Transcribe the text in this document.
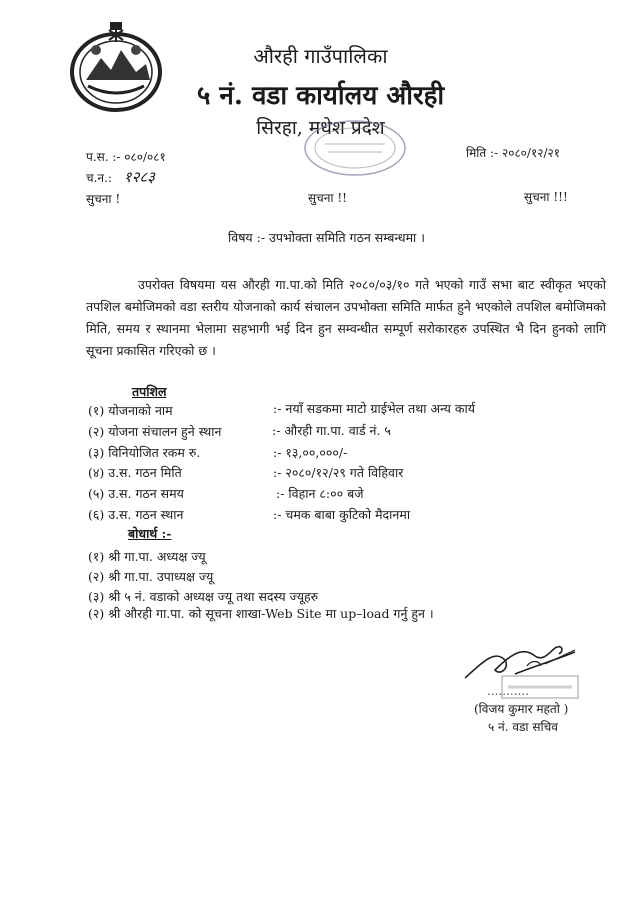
औरही गाउँपालिका
५ नं. वडा कार्यालय औरही
सिरहा, मधेश प्रदेश
प.स. :- ०८०/०८१	मिति :- २०८०/१२/२१
च.न.: १२८३
सुचना !	सुचना !!	सुचना !!!
विषय :- उपभोक्ता समिति गठन सम्बन्धमा ।
उपरोक्त विषयमा यस औरही गा.पा.को मिति २०८०/०३/१० गते भएको गाउँ सभा बाट स्वीकृत भएको तपशिल बमोजिमको वडा स्तरीय योजनाको कार्य संचालन उपभोक्ता समिति मार्फत हुने भएकोले तपशिल बमोजिमको मिति, समय र स्थानमा भेलामा सहभागी भई दिन हुन सम्वन्धीत सम्पूर्ण सरोकारहरु उपस्थित भै दिन हुनको लागि सूचना प्रकासित गरिएको छ ।
तपशिल
(१) योजनाको नाम	:- नयाँ सडकमा माटो ग्राईभेल तथा अन्य कार्य
(२) योजना संचालन हुने स्थान	:- औरही गा.पा. वार्ड नं. ५
(३) विनियोजित रकम रु.	:- १३,००,०००/-
(४) उ.स. गठन मिति	:- २०८०/१२/२९ गते विहिवार
(५) उ.स. गठन समय	:- विहान ८:०० बजे
(६) उ.स. गठन स्थान	:- चमक बाबा कुटिको मैदानमा
बोधार्थ :-
(१) श्री गा.पा. अध्यक्ष ज्यू
(२) श्री गा.पा. उपाध्यक्ष ज्यू
(३) श्री ५ नं. वडाको अध्यक्ष ज्यू तथा सदस्य ज्यूहरु
(२) श्री औरही गा.पा. को सूचना शाखा-Web Site मा up–load गर्नु हुन ।
...........
(विजय कुमार महतो )
५ नं. वडा सचिव
